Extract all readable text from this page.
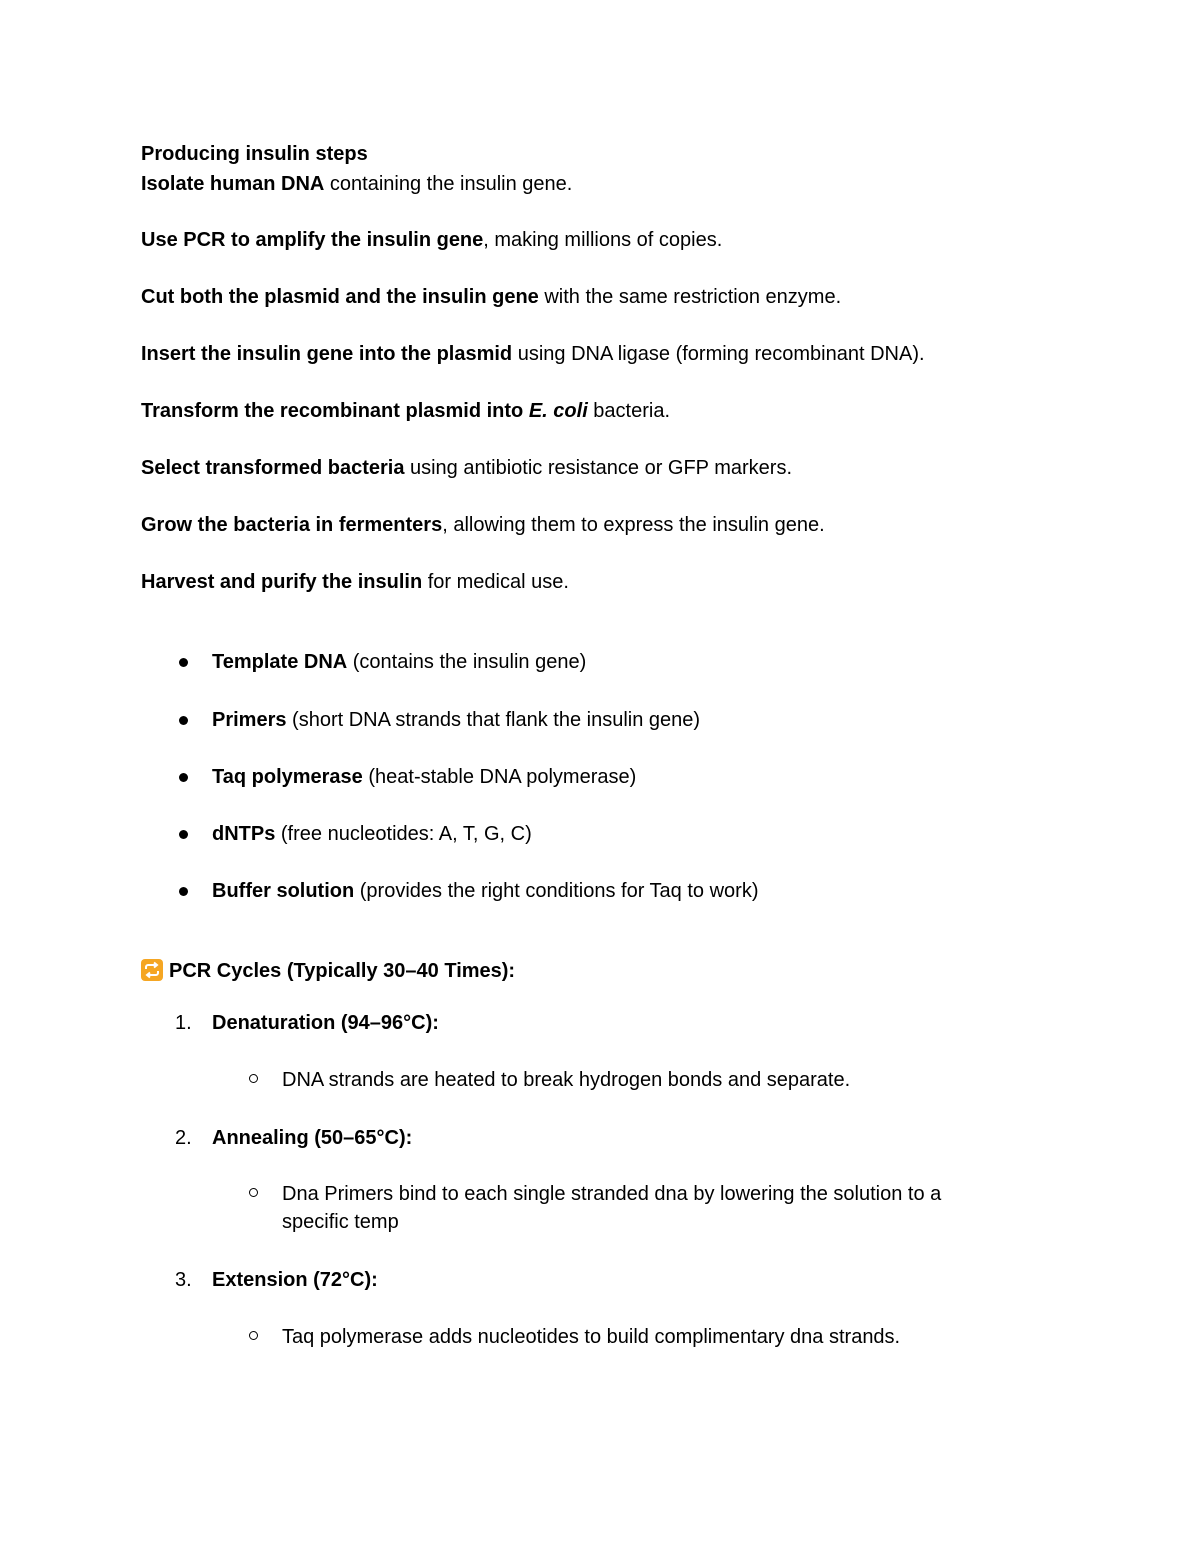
Producing insulin steps
Isolate human DNA containing the insulin gene.
Use PCR to amplify the insulin gene, making millions of copies.
Cut both the plasmid and the insulin gene with the same restriction enzyme.
Insert the insulin gene into the plasmid using DNA ligase (forming recombinant DNA).
Transform the recombinant plasmid into E. coli bacteria.
Select transformed bacteria using antibiotic resistance or GFP markers.
Grow the bacteria in fermenters, allowing them to express the insulin gene.
Harvest and purify the insulin for medical use.
Template DNA (contains the insulin gene)
Primers (short DNA strands that flank the insulin gene)
Taq polymerase (heat-stable DNA polymerase)
dNTPs (free nucleotides: A, T, G, C)
Buffer solution (provides the right conditions for Taq to work)
PCR Cycles (Typically 30–40 Times):
1. Denaturation (94–96°C):
DNA strands are heated to break hydrogen bonds and separate.
2. Annealing (50–65°C):
Dna Primers bind to each single stranded dna by lowering the solution to a specific temp
3. Extension (72°C):
Taq polymerase adds nucleotides to build complimentary dna strands.
